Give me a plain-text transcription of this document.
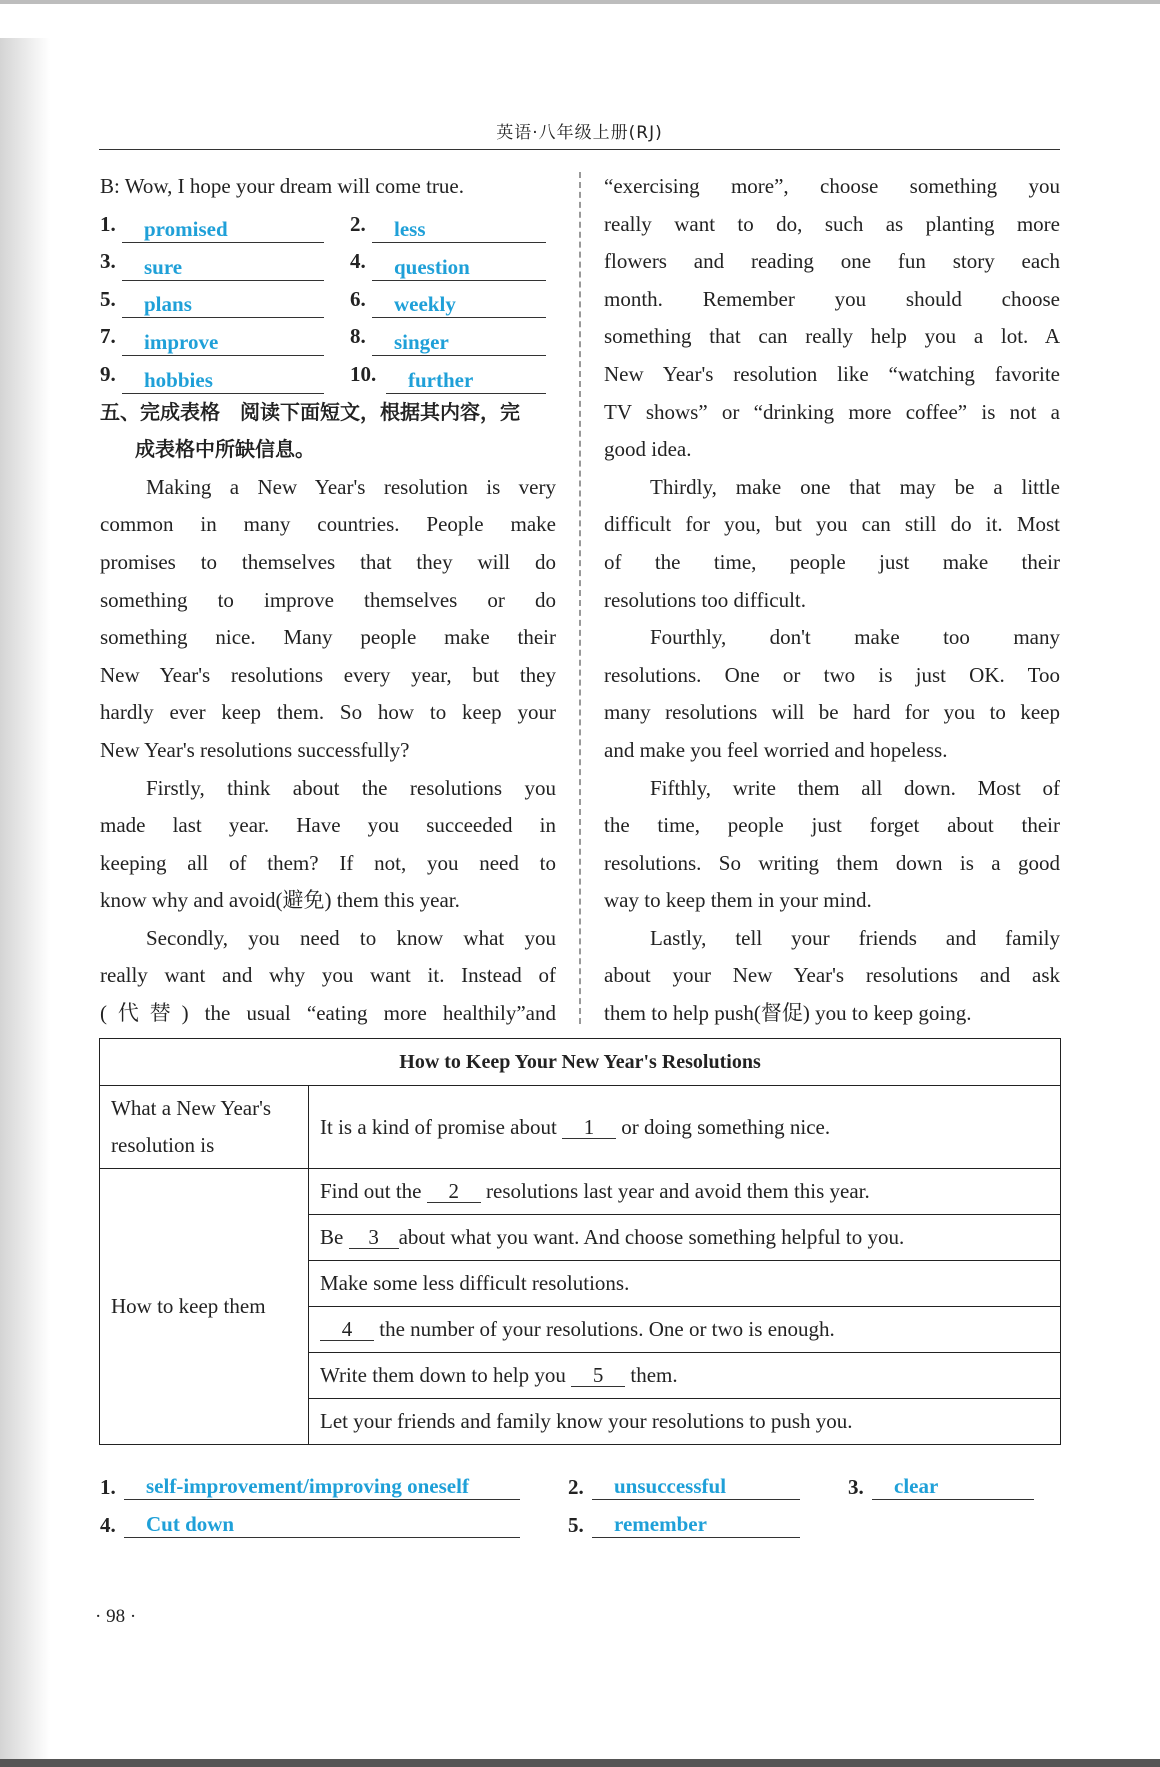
英语·八年级上册(RJ)
B: Wow, I hope your dream will come true.
1.	promised	2.	less
3.	sure	4.	question
5.	plans	6.	weekly
7.	improve	8.	singer
9.	hobbies	10.	further
五、完成表格　阅读下面短文，根据其内容，完
成表格中所缺信息。
Making a New Year's resolution is very
common in many countries. People make
promises to themselves that they will do
something to improve themselves or do
something nice. Many people make their
New Year's resolutions every year, but they
hardly ever keep them. So how to keep your
New Year's resolutions successfully?
Firstly, think about the resolutions you
made last year. Have you succeeded in
keeping all of them? If not, you need to
know why and avoid(避免) them this year.
Secondly, you need to know what you
really want and why you want it. Instead of
(代替) the usual “eating more healthily”and
“exercising more”, choose something you
really want to do, such as planting more
flowers and reading one fun story each
month. Remember you should choose
something that can really help you a lot. A
New Year's resolution like “watching favorite
TV shows” or “drinking more coffee” is not a
good idea.
Thirdly, make one that may be a little
difficult for you, but you can still do it. Most
of the time, people just make their
resolutions too difficult.
Fourthly, don't make too many
resolutions. One or two is just OK. Too
many resolutions will be hard for you to keep
and make you feel worried and hopeless.
Fifthly, write them all down. Most of
the time, people just forget about their
resolutions. So writing them down is a good
way to keep them in your mind.
Lastly, tell your friends and family
about your New Year's resolutions and ask
them to help push(督促) you to keep going.
How to Keep Your New Year's Resolutions	
What a New Year's
resolution is	It is a kind of promise about 1 or doing something nice.
How to keep them	Find out the 2 resolutions last year and avoid them this year.
	Be 3 about what you want. And choose something helpful to you.
	Make some less difficult resolutions.
	4 the number of your resolutions. One or two is enough.
	Write them down to help you 5 them.
	Let your friends and family know your resolutions to push you.
1.	self-improvement/improving oneself	2.	unsuccessful	3.	clear
4.	Cut down	5.	remember
· 98 ·
